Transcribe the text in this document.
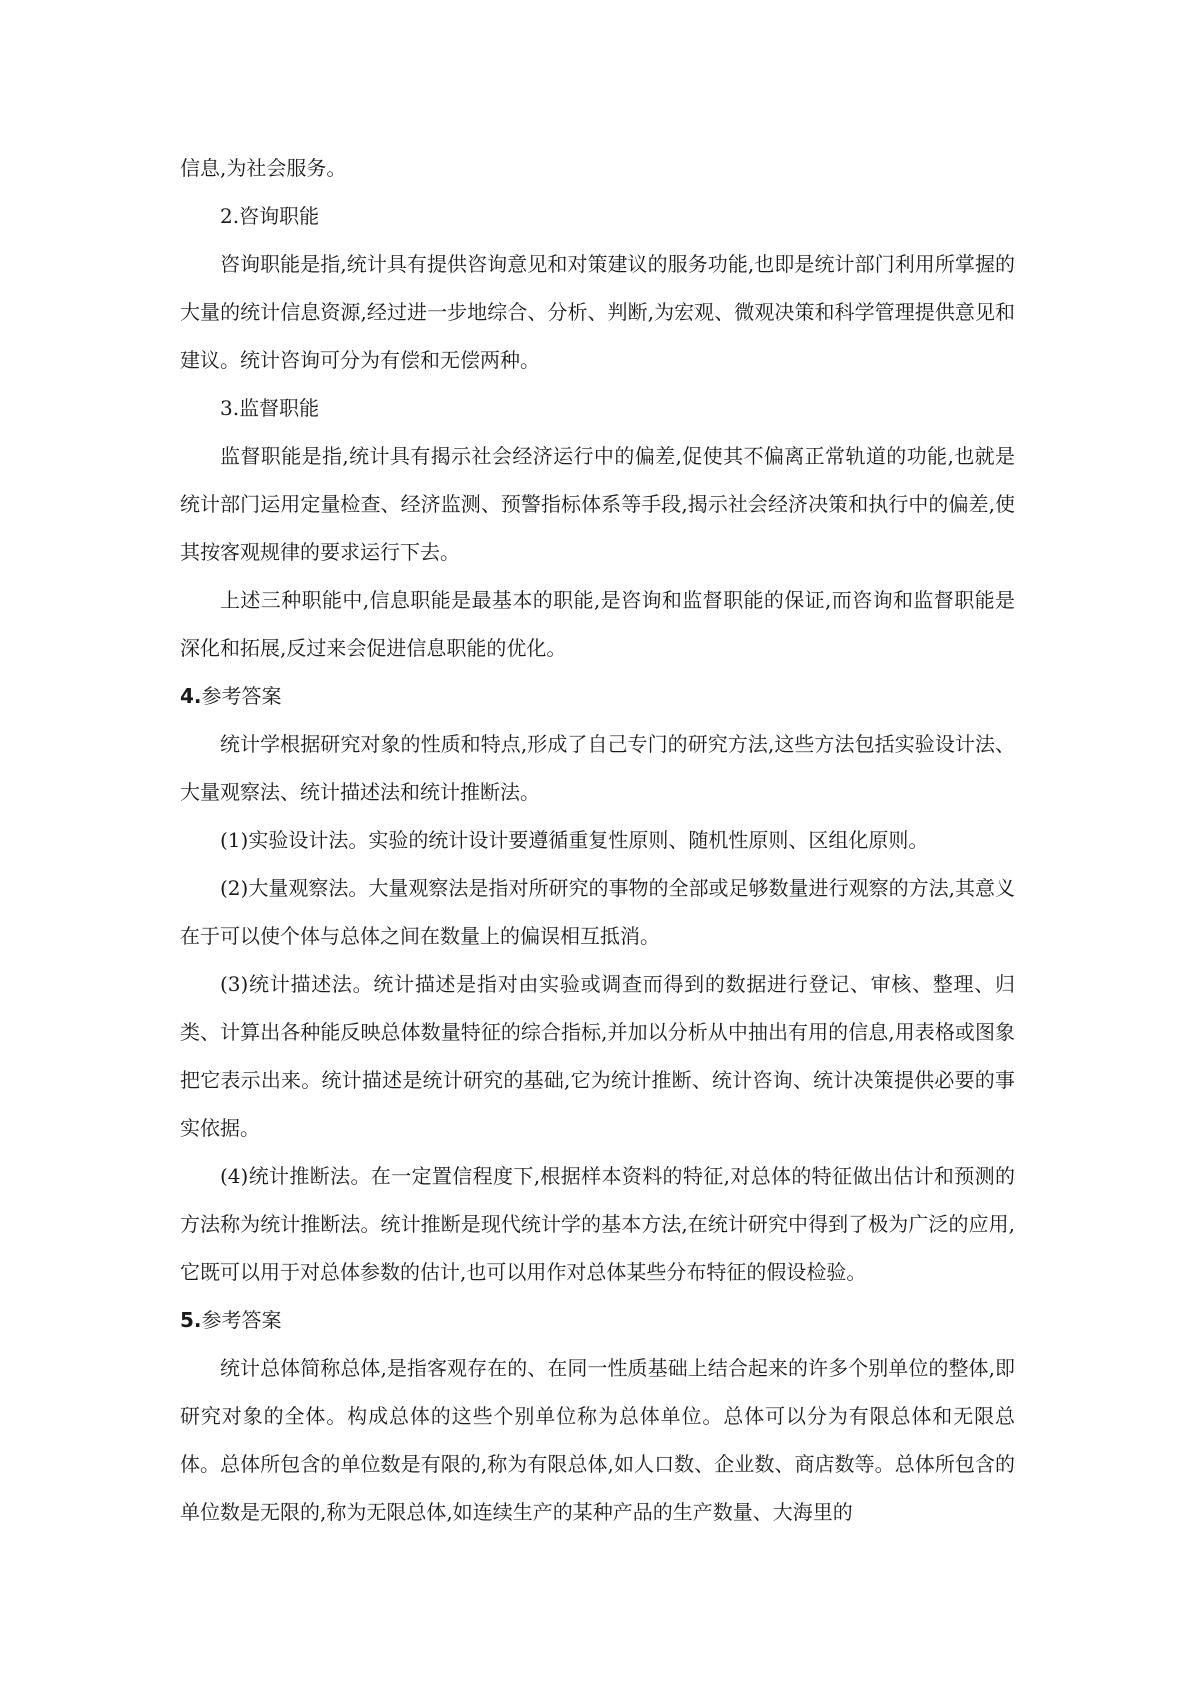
信息,为社会服务。

2.咨询职能

咨询职能是指,统计具有提供咨询意见和对策建议的服务功能,也即是统计部门利用所掌握的大量的统计信息资源,经过进一步地综合、分析、判断,为宏观、微观决策和科学管理提供意见和建议。统计咨询可分为有偿和无偿两种。

3.监督职能

监督职能是指,统计具有揭示社会经济运行中的偏差,促使其不偏离正常轨道的功能,也就是统计部门运用定量检查、经济监测、预警指标体系等手段,揭示社会经济决策和执行中的偏差,使其按客观规律的要求运行下去。

上述三种职能中,信息职能是最基本的职能,是咨询和监督职能的保证,而咨询和监督职能是深化和拓展,反过来会促进信息职能的优化。

4.参考答案

统计学根据研究对象的性质和特点,形成了自己专门的研究方法,这些方法包括实验设计法、大量观察法、统计描述法和统计推断法。

(1)实验设计法。实验的统计设计要遵循重复性原则、随机性原则、区组化原则。

(2)大量观察法。大量观察法是指对所研究的事物的全部或足够数量进行观察的方法,其意义在于可以使个体与总体之间在数量上的偏误相互抵消。

(3)统计描述法。统计描述是指对由实验或调查而得到的数据进行登记、审核、整理、归类、计算出各种能反映总体数量特征的综合指标,并加以分析从中抽出有用的信息,用表格或图象把它表示出来。统计描述是统计研究的基础,它为统计推断、统计咨询、统计决策提供必要的事实依据。

(4)统计推断法。在一定置信程度下,根据样本资料的特征,对总体的特征做出估计和预测的方法称为统计推断法。统计推断是现代统计学的基本方法,在统计研究中得到了极为广泛的应用,它既可以用于对总体参数的估计,也可以用作对总体某些分布特征的假设检验。

5.参考答案

统计总体简称总体,是指客观存在的、在同一性质基础上结合起来的许多个别单位的整体,即研究对象的全体。构成总体的这些个别单位称为总体单位。总体可以分为有限总体和无限总体。总体所包含的单位数是有限的,称为有限总体,如人口数、企业数、商店数等。总体所包含的单位数是无限的,称为无限总体,如连续生产的某种产品的生产数量、大海里的
